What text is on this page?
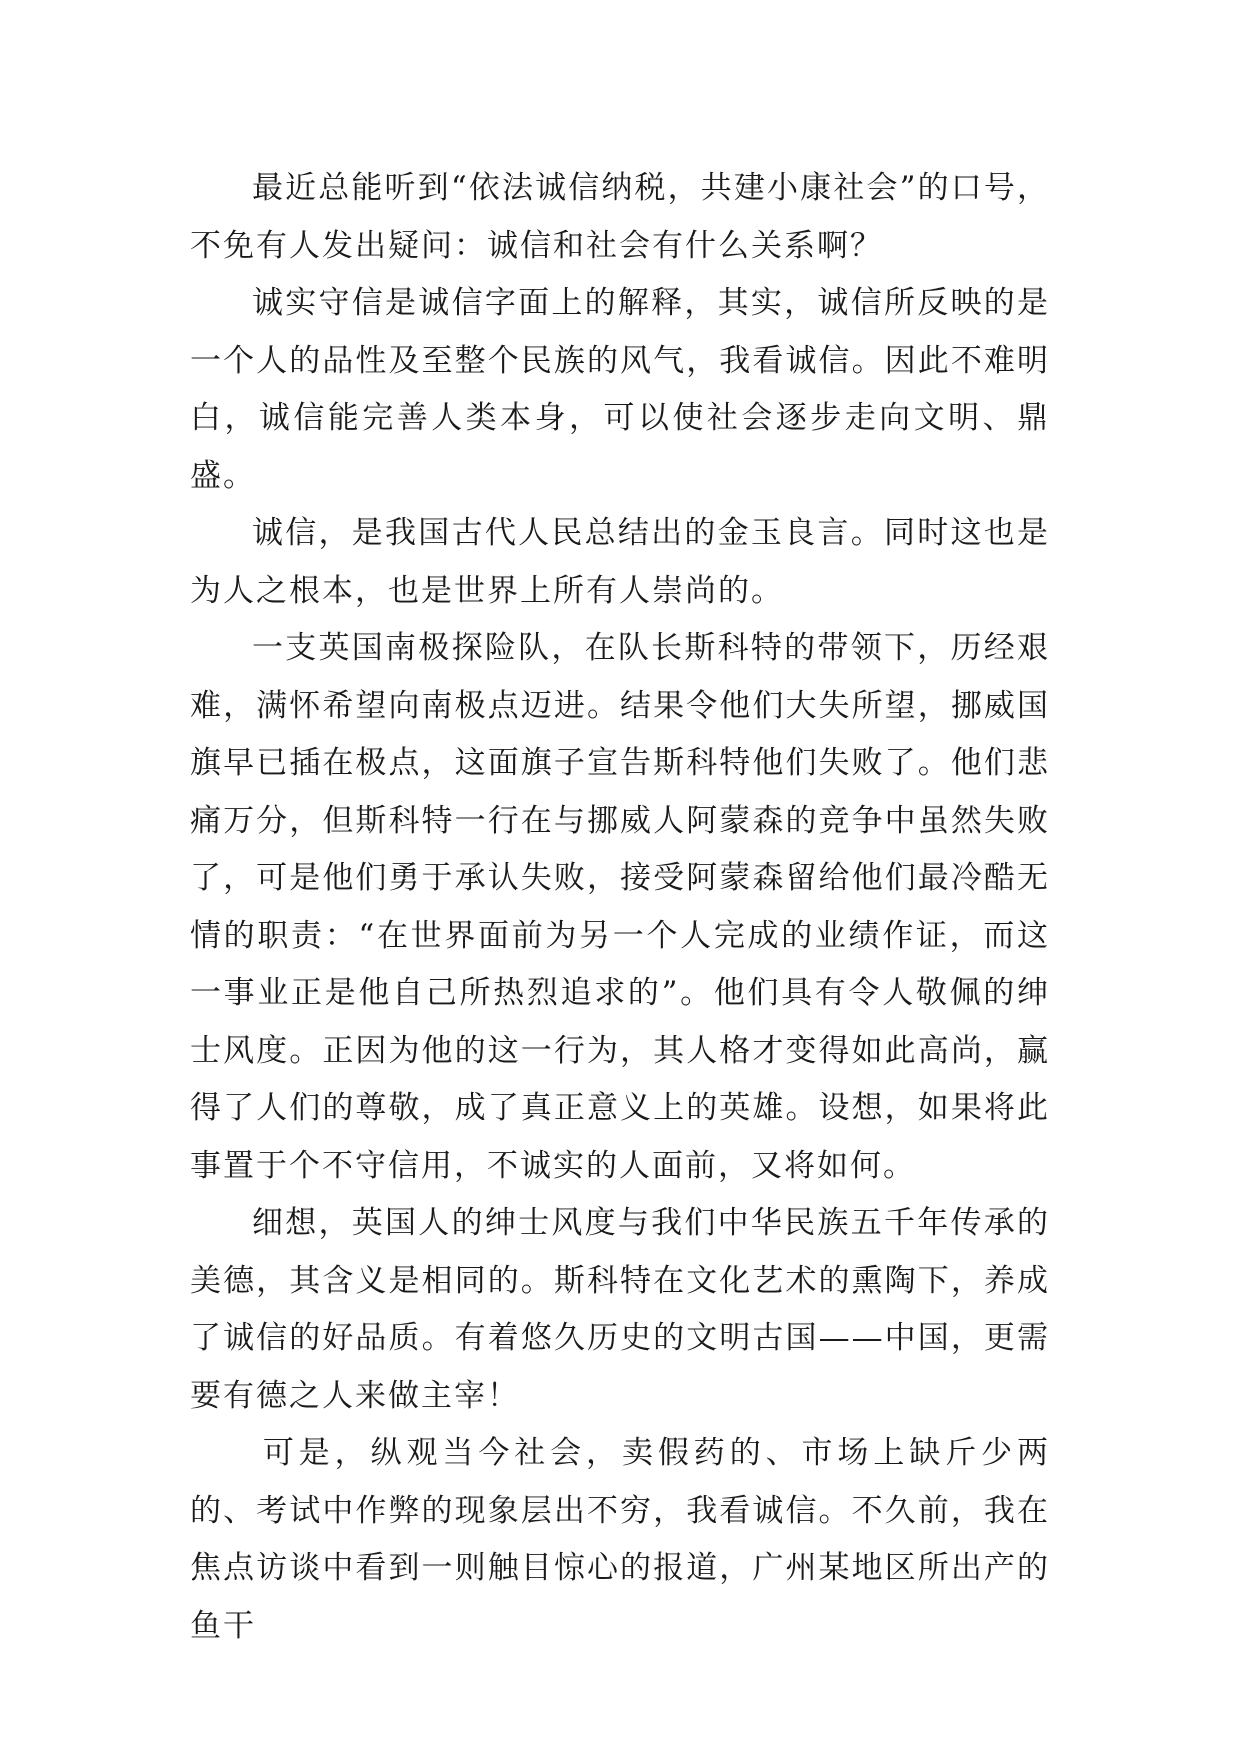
最近总能听到“依法诚信纳税，共建小康社会”的口号，不免有人发出疑问：诚信和社会有什么关系啊？

诚实守信是诚信字面上的解释，其实，诚信所反映的是一个人的品性及至整个民族的风气，我看诚信。因此不难明白，诚信能完善人类本身，可以使社会逐步走向文明、鼎盛。

诚信，是我国古代人民总结出的金玉良言。同时这也是为人之根本，也是世界上所有人崇尚的。

一支英国南极探险队，在队长斯科特的带领下，历经艰难，满怀希望向南极点迈进。结果令他们大失所望，挪威国旗早已插在极点，这面旗子宣告斯科特他们失败了。他们悲痛万分，但斯科特一行在与挪威人阿蒙森的竞争中虽然失败了，可是他们勇于承认失败，接受阿蒙森留给他们最冷酷无情的职责：“在世界面前为另一个人完成的业绩作证，而这一事业正是他自己所热烈追求的”。他们具有令人敬佩的绅士风度。正因为他的这一行为，其人格才变得如此高尚，赢得了人们的尊敬，成了真正意义上的英雄。设想，如果将此事置于个不守信用，不诚实的人面前，又将如何。

细想，英国人的绅士风度与我们中华民族五千年传承的美德，其含义是相同的。斯科特在文化艺术的熏陶下，养成了诚信的好品质。有着悠久历史的文明古国——中国，更需要有德之人来做主宰！

可是，纵观当今社会，卖假药的、市场上缺斤少两的、考试中作弊的现象层出不穷，我看诚信。不久前，我在焦点访谈中看到一则触目惊心的报道，广州某地区所出产的鱼干
